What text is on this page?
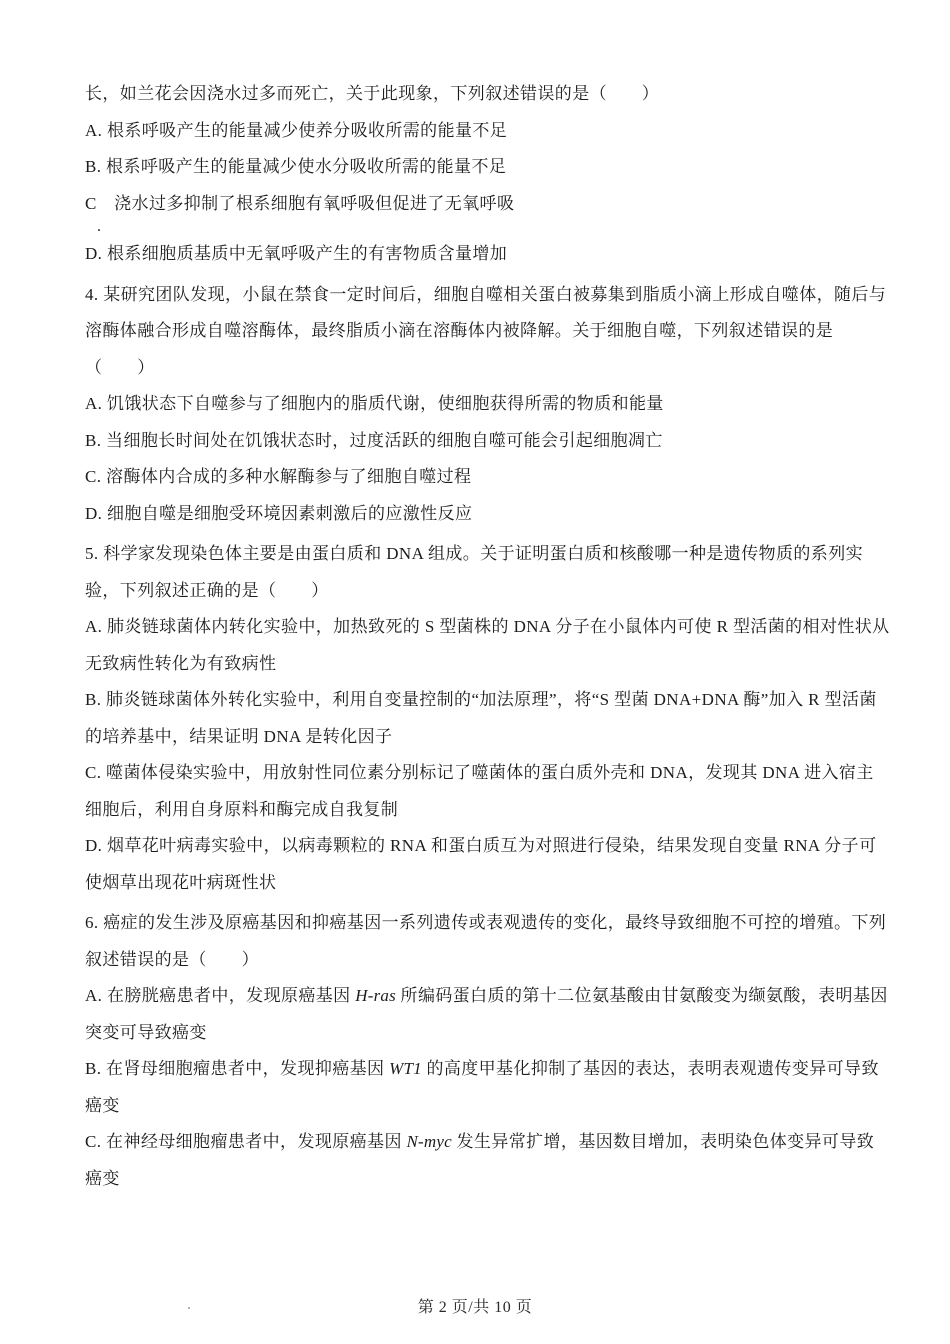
长，如兰花会因浇水过多而死亡，关于此现象，下列叙述错误的是（　　）
A. 根系呼吸产生的能量减少使养分吸收所需的能量不足
B. 根系呼吸产生的能量减少使水分吸收所需的能量不足
C　浇水过多抑制了根系细胞有氧呼吸但促进了无氧呼吸
.
D. 根系细胞质基质中无氧呼吸产生的有害物质含量增加
4. 某研究团队发现，小鼠在禁食一定时间后，细胞自噬相关蛋白被募集到脂质小滴上形成自噬体，随后与
溶酶体融合形成自噬溶酶体，最终脂质小滴在溶酶体内被降解。关于细胞自噬，下列叙述错误的是
（　　）
A. 饥饿状态下自噬参与了细胞内的脂质代谢，使细胞获得所需的物质和能量
B. 当细胞长时间处在饥饿状态时，过度活跃的细胞自噬可能会引起细胞凋亡
C. 溶酶体内合成的多种水解酶参与了细胞自噬过程
D. 细胞自噬是细胞受环境因素刺激后的应激性反应
5. 科学家发现染色体主要是由蛋白质和 DNA 组成。关于证明蛋白质和核酸哪一种是遗传物质的系列实
验，下列叙述正确的是（　　）
A. 肺炎链球菌体内转化实验中，加热致死的 S 型菌株的 DNA 分子在小鼠体内可使 R 型活菌的相对性状从
无致病性转化为有致病性
B. 肺炎链球菌体外转化实验中，利用自变量控制的“加法原理”，将“S 型菌 DNA+DNA 酶”加入 R 型活菌
的培养基中，结果证明 DNA 是转化因子
C. 噬菌体侵染实验中，用放射性同位素分别标记了噬菌体的蛋白质外壳和 DNA，发现其 DNA 进入宿主
细胞后，利用自身原料和酶完成自我复制
D. 烟草花叶病毒实验中，以病毒颗粒的 RNA 和蛋白质互为对照进行侵染，结果发现自变量 RNA 分子可
使烟草出现花叶病斑性状
6. 癌症的发生涉及原癌基因和抑癌基因一系列遗传或表观遗传的变化，最终导致细胞不可控的增殖。下列
叙述错误的是（　　）
A. 在膀胱癌患者中，发现原癌基因 H-ras 所编码蛋白质的第十二位氨基酸由甘氨酸变为缬氨酸，表明基因
突变可导致癌变
B. 在肾母细胞瘤患者中，发现抑癌基因 WT1 的高度甲基化抑制了基因的表达，表明表观遗传变异可导致
癌变
C. 在神经母细胞瘤患者中，发现原癌基因 N-myc 发生异常扩增，基因数目增加，表明染色体变异可导致
癌变
第 2 页/共 10 页
